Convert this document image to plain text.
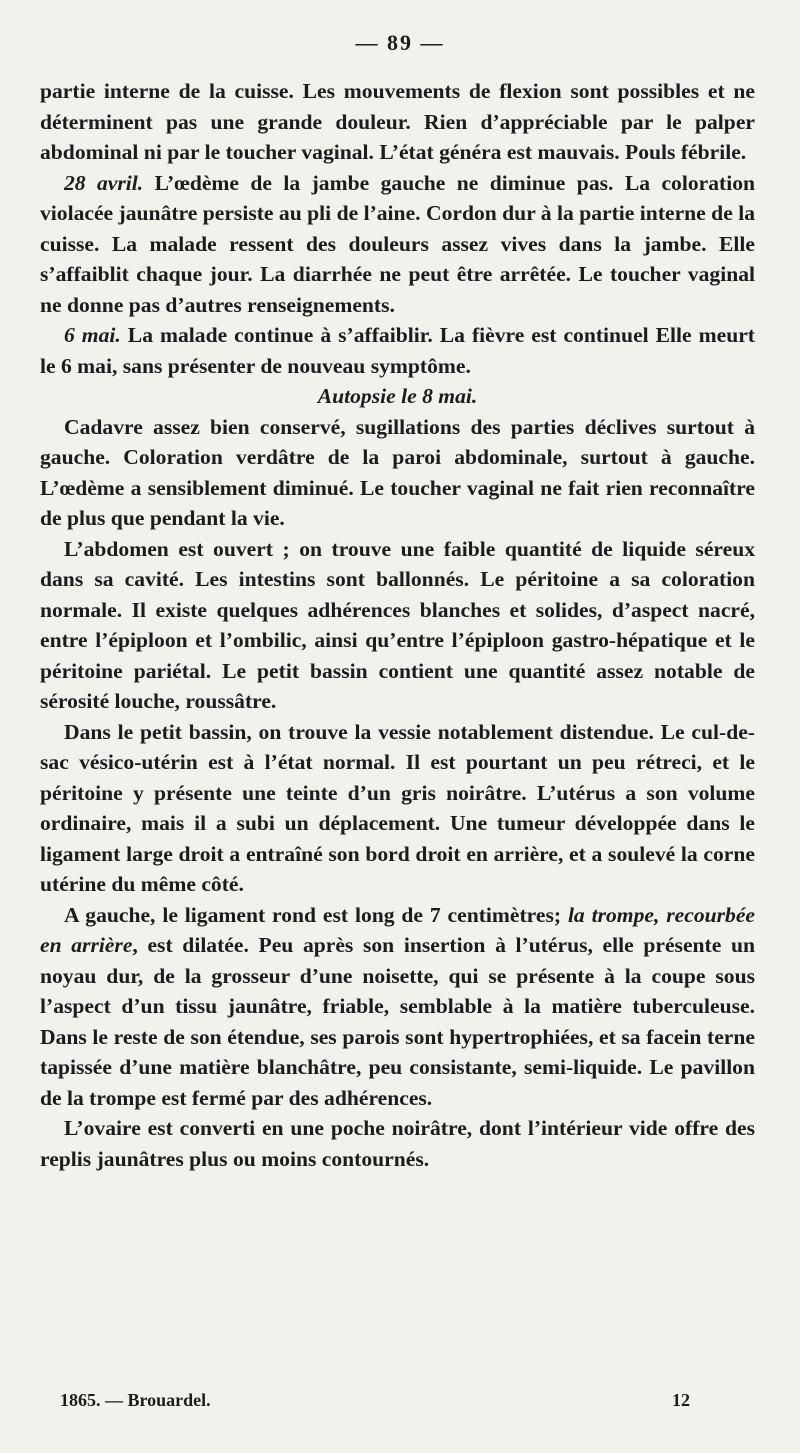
— 89 —

partie interne de la cuisse. Les mouvements de flexion sont possibles et ne déterminent pas une grande douleur. Rien d’appréciable par le palper abdominal ni par le toucher vaginal. L’état généra est mauvais. Pouls fébrile.

28 avril. L’œdème de la jambe gauche ne diminue pas. La coloration violacée jaunâtre persiste au pli de l’aine. Cordon dur à la partie interne de la cuisse. La malade ressent des douleurs assez vives dans la jambe. Elle s’affaiblit chaque jour. La diarrhée ne peut être arrêtée. Le toucher vaginal ne donne pas d’autres renseignements.

6 mai. La malade continue à s’affaiblir. La fièvre est continuel Elle meurt le 6 mai, sans présenter de nouveau symptôme.

Autopsie le 8 mai.

Cadavre assez bien conservé, sugillations des parties déclives surtout à gauche. Coloration verdâtre de la paroi abdominale, surtout à gauche. L’œdème a sensiblement diminué. Le toucher vaginal ne fait rien reconnaître de plus que pendant la vie.

L’abdomen est ouvert ; on trouve une faible quantité de liquide séreux dans sa cavité. Les intestins sont ballonnés. Le péritoine a sa coloration normale. Il existe quelques adhérences blanches et solides, d’aspect nacré, entre l’épiploon et l’ombilic, ainsi qu’entre l’épiploon gastro-hépatique et le péritoine pariétal. Le petit bassin contient une quantité assez notable de sérosité louche, roussâtre.

Dans le petit bassin, on trouve la vessie notablement distendue. Le cul-de-sac vésico-utérin est à l’état normal. Il est pourtant un peu rétreci, et le péritoine y présente une teinte d’un gris noirâtre. L’utérus a son volume ordinaire, mais il a subi un déplacement. Une tumeur développée dans le ligament large droit a entraîné son bord droit en arrière, et a soulevé la corne utérine du même côté.

A gauche, le ligament rond est long de 7 centimètres; la trompe, recourbée en arrière, est dilatée. Peu après son insertion à l’utérus, elle présente un noyau dur, de la grosseur d’une noisette, qui se présente à la coupe sous l’aspect d’un tissu jaunâtre, friable, semblable à la matière tuberculeuse. Dans le reste de son étendue, ses parois sont hypertrophiées, et sa facein terne tapissée d’une matière blanchâtre, peu consistante, semi-liquide. Le pavillon de la trompe est fermé par des adhérences.

L’ovaire est converti en une poche noirâtre, dont l’intérieur vide offre des replis jaunâtres plus ou moins contournés.

1865. — Brouardel.	12
